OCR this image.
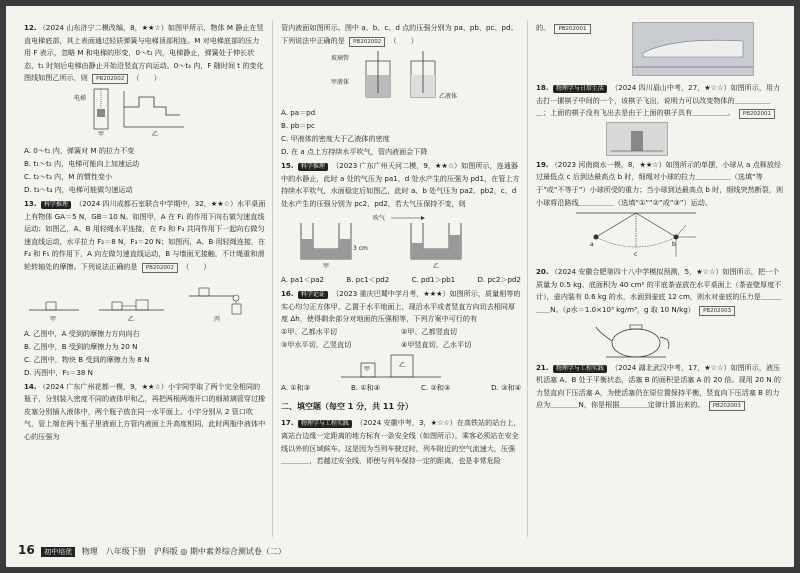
12. （2024 山东济宁二模改编，8，★★☆）如图甲所示，物体 M 静止在竖直电梯底部，其上表面通过轻质弹簧与电梯顶部相连。M 对电梯底部的压力用 F 表示，忽略 M 和电梯的形变，0～t₁ 内，电梯静止，弹簧处于伸长状态，t₁ 时刻后电梯由静止开始沿竖直方向运动。0～t₄ 内，F 随时间 t 的变化图线如图乙所示，则 PB202002 （　　）
电梯
甲	乙
A. 0～t₁ 内，弹簧对 M 的拉力不变
B. t₁～t₂ 内，电梯可能向上加速运动
C. t₂～t₃ 内，M 的惯性变小
D. t₃～t₄ 内，电梯可能做匀速运动
13. 科学推理 （2024 四川成都石室联合中学期中，32，★★☆）水平桌面上有物体 GA＝5 N，GB＝10 N。如图甲，A 在 F₁ 的作用下向右做匀速直线运动；如图乙，A、B 用轻绳水平连接，在 F₂ 和 F₃ 共同作用下一起向右做匀速直线运动，水平拉力 F₂＝8 N，F₃＝20 N；如图丙，A、B 用轻绳连接，在 F₄ 和 F₅ 的作用下，A 向左做匀速直线运动，B 与墙面无接触，不计绳重和滑轮转轴处的摩擦。下列说法正确的是 PB202002 （　　）
甲	乙	丙
A. 乙图中，A 受到的摩擦力方向向右
B. 乙图中，B 受到的摩擦力为 20 N
C. 乙图中，物块 B 受到的摩擦力为 8 N
D. 丙图中，F₅＝38 N
14. （2024 广东广州花都一模，9，★★☆）小宇同学取了两个完全相同的瓶子，分别装入密度不同的液体甲和乙，再把两根两端开口的细玻璃管穿过橡皮塞分别插入液体中，两个瓶子放在同一水平面上。小宇分别从 2 管口吹气，管上端在两个瓶子里液面上方管内液面上升高度相同，此时两瓶中液体中心的压强为
管内液面如图所示。图中 a、b、c、d 点的压强分别为 pa、pb、pc、pd。下列说法中正确的是 PB202002 （　　）
玻璃管
甲液体
乙液体
A. pa＝pd
B. pb＝pc
C. 甲液体的密度大于乙液体的密度
D. 在 a 点上方持续水平吹气，管内液面会下降
15. 科学推理 （2023 广东广州天河二模，9，★★☆）如图所示，连通器中的水静止，此时 a 处的气压为 pa1，d 处水产生的压强为 pd1，在管上方持续水平吹气，水面稳定后如图乙，此时 a、b 处气压为 pa2、pb2，c、d 处水产生的压强分别为 pc2、pd2，若大气压保持不变，则
吹气
3 cm
甲	乙
A. pa1＜pa2	B. pc1＜pd2	C. pd1＞pb1	D. pc2＞pd2
16. 科学论证 （2023 重庆巴蜀中学月考，★★★）如图所示，质量相等的实心均匀正方体甲、乙置于水平地面上，现沿水平或者竖直方向切去相同厚度 Δh，使得剩余部分对地面的压强相等，下列方案中可行的有
①甲、乙都水平切	②甲、乙都竖直切
③甲水平切、乙竖直切	④甲竖直切、乙水平切
甲
乙
A. ①和③	B. ①和④	C. ②和③	D. ③和④
二、填空题（每空 1 分，共 11 分）
17. 物理学与工程实践 （2024 安徽中考，3，★☆☆）在高铁站的站台上，离站台边缘一定距离的地方标有一条安全线（如图所示），乘客必须站在安全线以外的区域候车。这是因为当列车驶过时，列车附近的空气流速大，压强＿＿＿＿，若越过安全线，即使与列车保持一定的距离，也是非常危险
的。 PB202001
18. 物理学与日常生活 （2024 四川眉山中考，27，★☆☆）如图所示，用力击打一摞棋子中间的一个，该棋子飞出，说明力可以改变物体的＿＿＿＿＿＿；上面的棋子没有飞出去是由于上面的棋子具有＿＿＿＿＿。 PB202001
19. （2023 河南商水一模，8，★★☆）如图所示的单摆，小球从 a 点释放经过最低点 c 后到达最高点 b 时，细绳对小球的拉力＿＿＿＿＿（选填“等于”或“不等于”）小球所受的重力；当小球到达最高点 b 时，细线突然断裂，则小球将沿路线＿＿＿＿＿（选填“①”“②”或“③”）运动。
a
c
b
20. （2024 安徽合肥第四十八中学模拟预测，5，★☆☆）如图所示，把一个质量为 0.5 kg、底面积为 40 cm² 的平底茶壶放在水平桌面上（茶壶壁厚度不计），壶内装有 0.6 kg 的水，水面到壶底 12 cm，则水对壶底的压力是＿＿＿＿＿N。（ρ水＝1.0×10³ kg/m³，g 取 10 N/kg） PB202003
21. 物理学与工程实践 （2024 湖北武汉中考，17，★☆☆）如图所示，液压机活塞 A、B 处于平衡状态，活塞 B 的面积是活塞 A 的 20 倍。现用 20 N 的力竖直向下压活塞 A，为使活塞仍在原位置保持平衡，竖直向下压活塞 B 的力应为＿＿＿＿N，你是根据＿＿＿＿定律计算出来的。 PB202003
16 初中培优 物理　八年级下册　沪科版 ◎ 期中素养综合测试卷（二）
